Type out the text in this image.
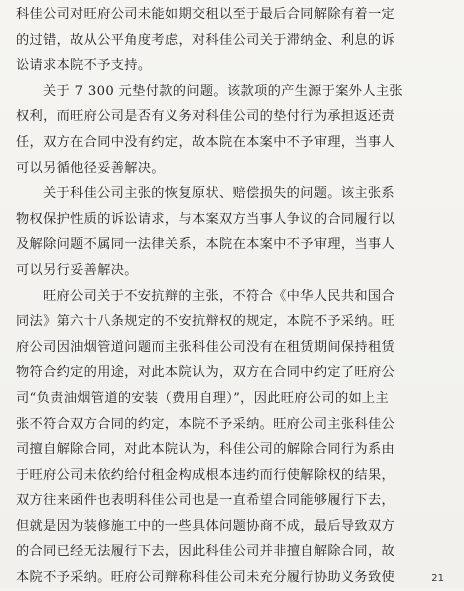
科佳公司对旺府公司未能如期交租以至于最后合同解除有着一定
的过错，故从公平角度考虑，对科佳公司关于滞纳金、利息的诉
讼请求本院不予支持。
关于 7 300 元垫付款的问题。该款项的产生源于案外人主张
权利，而旺府公司是否有义务对科佳公司的垫付行为承担返还责
任，双方在合同中没有约定，故本院在本案中不予审理，当事人
可以另循他径妥善解决。
关于科佳公司主张的恢复原状、赔偿损失的问题。该主张系
物权保护性质的诉讼请求，与本案双方当事人争议的合同履行以
及解除问题不属同一法律关系，本院在本案中不予审理，当事人
可以另行妥善解决。
旺府公司关于不安抗辩的主张，不符合《中华人民共和国合
同法》第六十八条规定的不安抗辩权的规定，本院不予采纳。旺
府公司因油烟管道问题而主张科佳公司没有在租赁期间保持租赁
物符合约定的用途，对此本院认为，双方在合同中约定了旺府公
司“负责油烟管道的安装（费用自理）”，因此旺府公司的如上主
张不符合双方合同的约定，本院不予采纳。旺府公司主张科佳公
司擅自解除合同，对此本院认为，科佳公司的解除合同行为系由
于旺府公司未依约给付租金构成根本违约而行使解除权的结果，
双方往来函件也表明科佳公司也是一直希望合同能够履行下去，
但就是因为装修施工中的一些具体问题协商不成，最后导致双方
的合同已经无法履行下去，因此科佳公司并非擅自解除合同，故
本院不予采纳。旺府公司辩称科佳公司未充分履行协助义务致使	21
